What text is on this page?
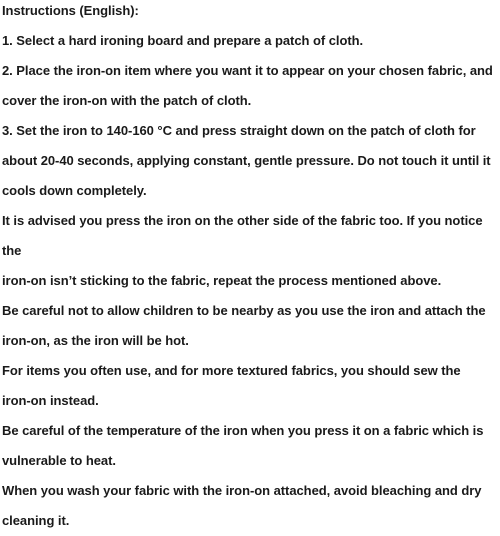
Instructions (English):

1. Select a hard ironing board and prepare a patch of cloth.

2. Place the iron-on item where you want it to appear on your chosen fabric, and

cover the iron-on with the patch of cloth.

3. Set the iron to 140-160 °C and press straight down on the patch of cloth for

about 20-40 seconds, applying constant, gentle pressure. Do not touch it until it

cools down completely.

It is advised you press the iron on the other side of the fabric too. If you notice the

iron-on isn’t sticking to the fabric, repeat the process mentioned above.

Be careful not to allow children to be nearby as you use the iron and attach the

iron-on, as the iron will be hot.

For items you often use, and for more textured fabrics, you should sew the

iron-on instead.

Be careful of the temperature of the iron when you press it on a fabric which is

vulnerable to heat.

When you wash your fabric with the iron-on attached, avoid bleaching and dry

cleaning it.
